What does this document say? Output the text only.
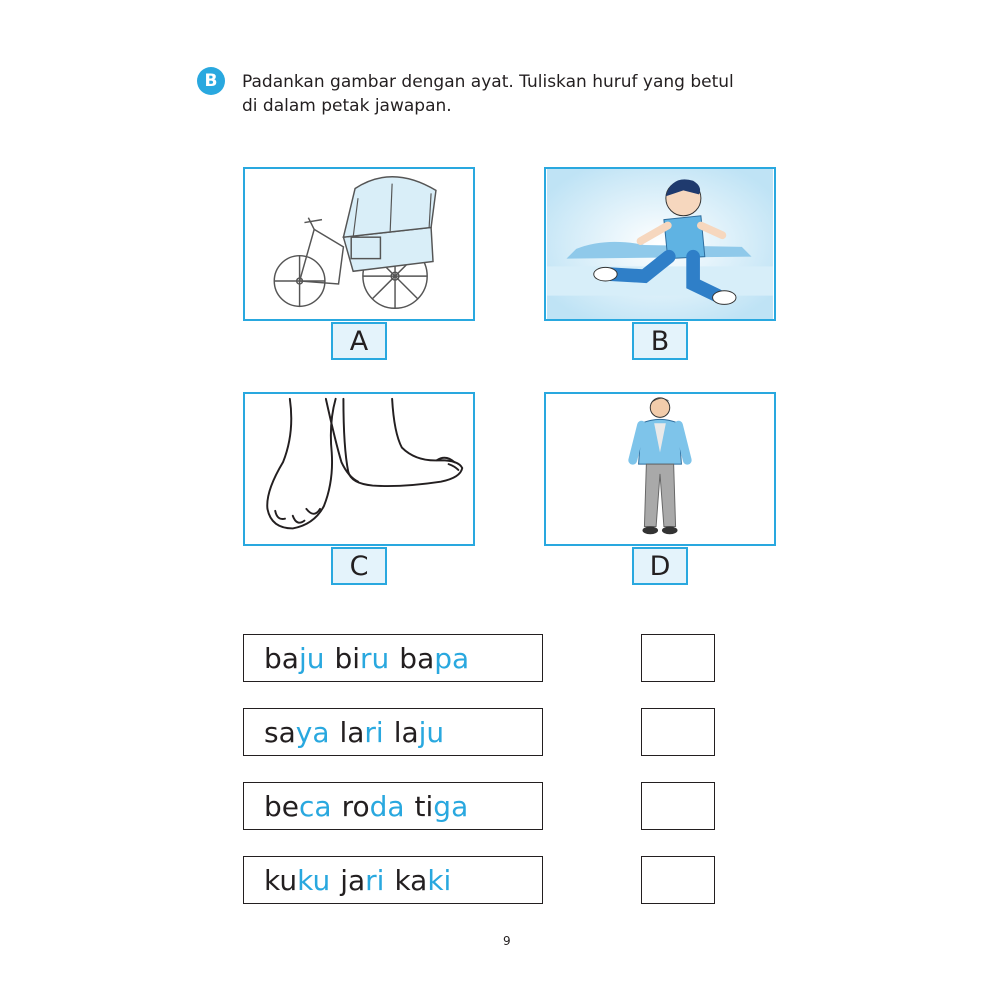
B	Padankan gambar dengan ayat. Tuliskan huruf yang betul
di dalam petak jawapan.
A	B
C	D
baju biru bapa
saya lari laju
beca roda tiga
kuku jari kaki
9
